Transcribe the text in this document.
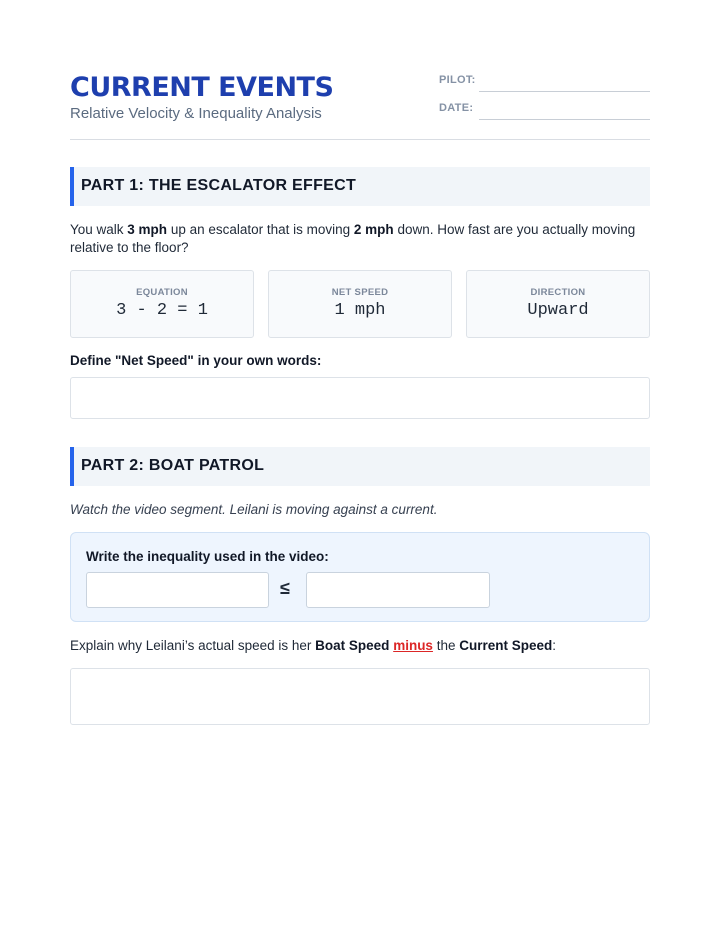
CURRENT EVENTS
Relative Velocity & Inequality Analysis
PILOT:
DATE:
PART 1: THE ESCALATOR EFFECT
You walk 3 mph up an escalator that is moving 2 mph down. How fast are you actually moving relative to the floor?
EQUATION
3 - 2 = 1
NET SPEED
1 mph
DIRECTION
Upward
Define "Net Speed" in your own words:
PART 2: BOAT PATROL
Watch the video segment. Leilani is moving against a current.
Write the inequality used in the video:
≤
Explain why Leilani’s actual speed is her Boat Speed minus the Current Speed:
